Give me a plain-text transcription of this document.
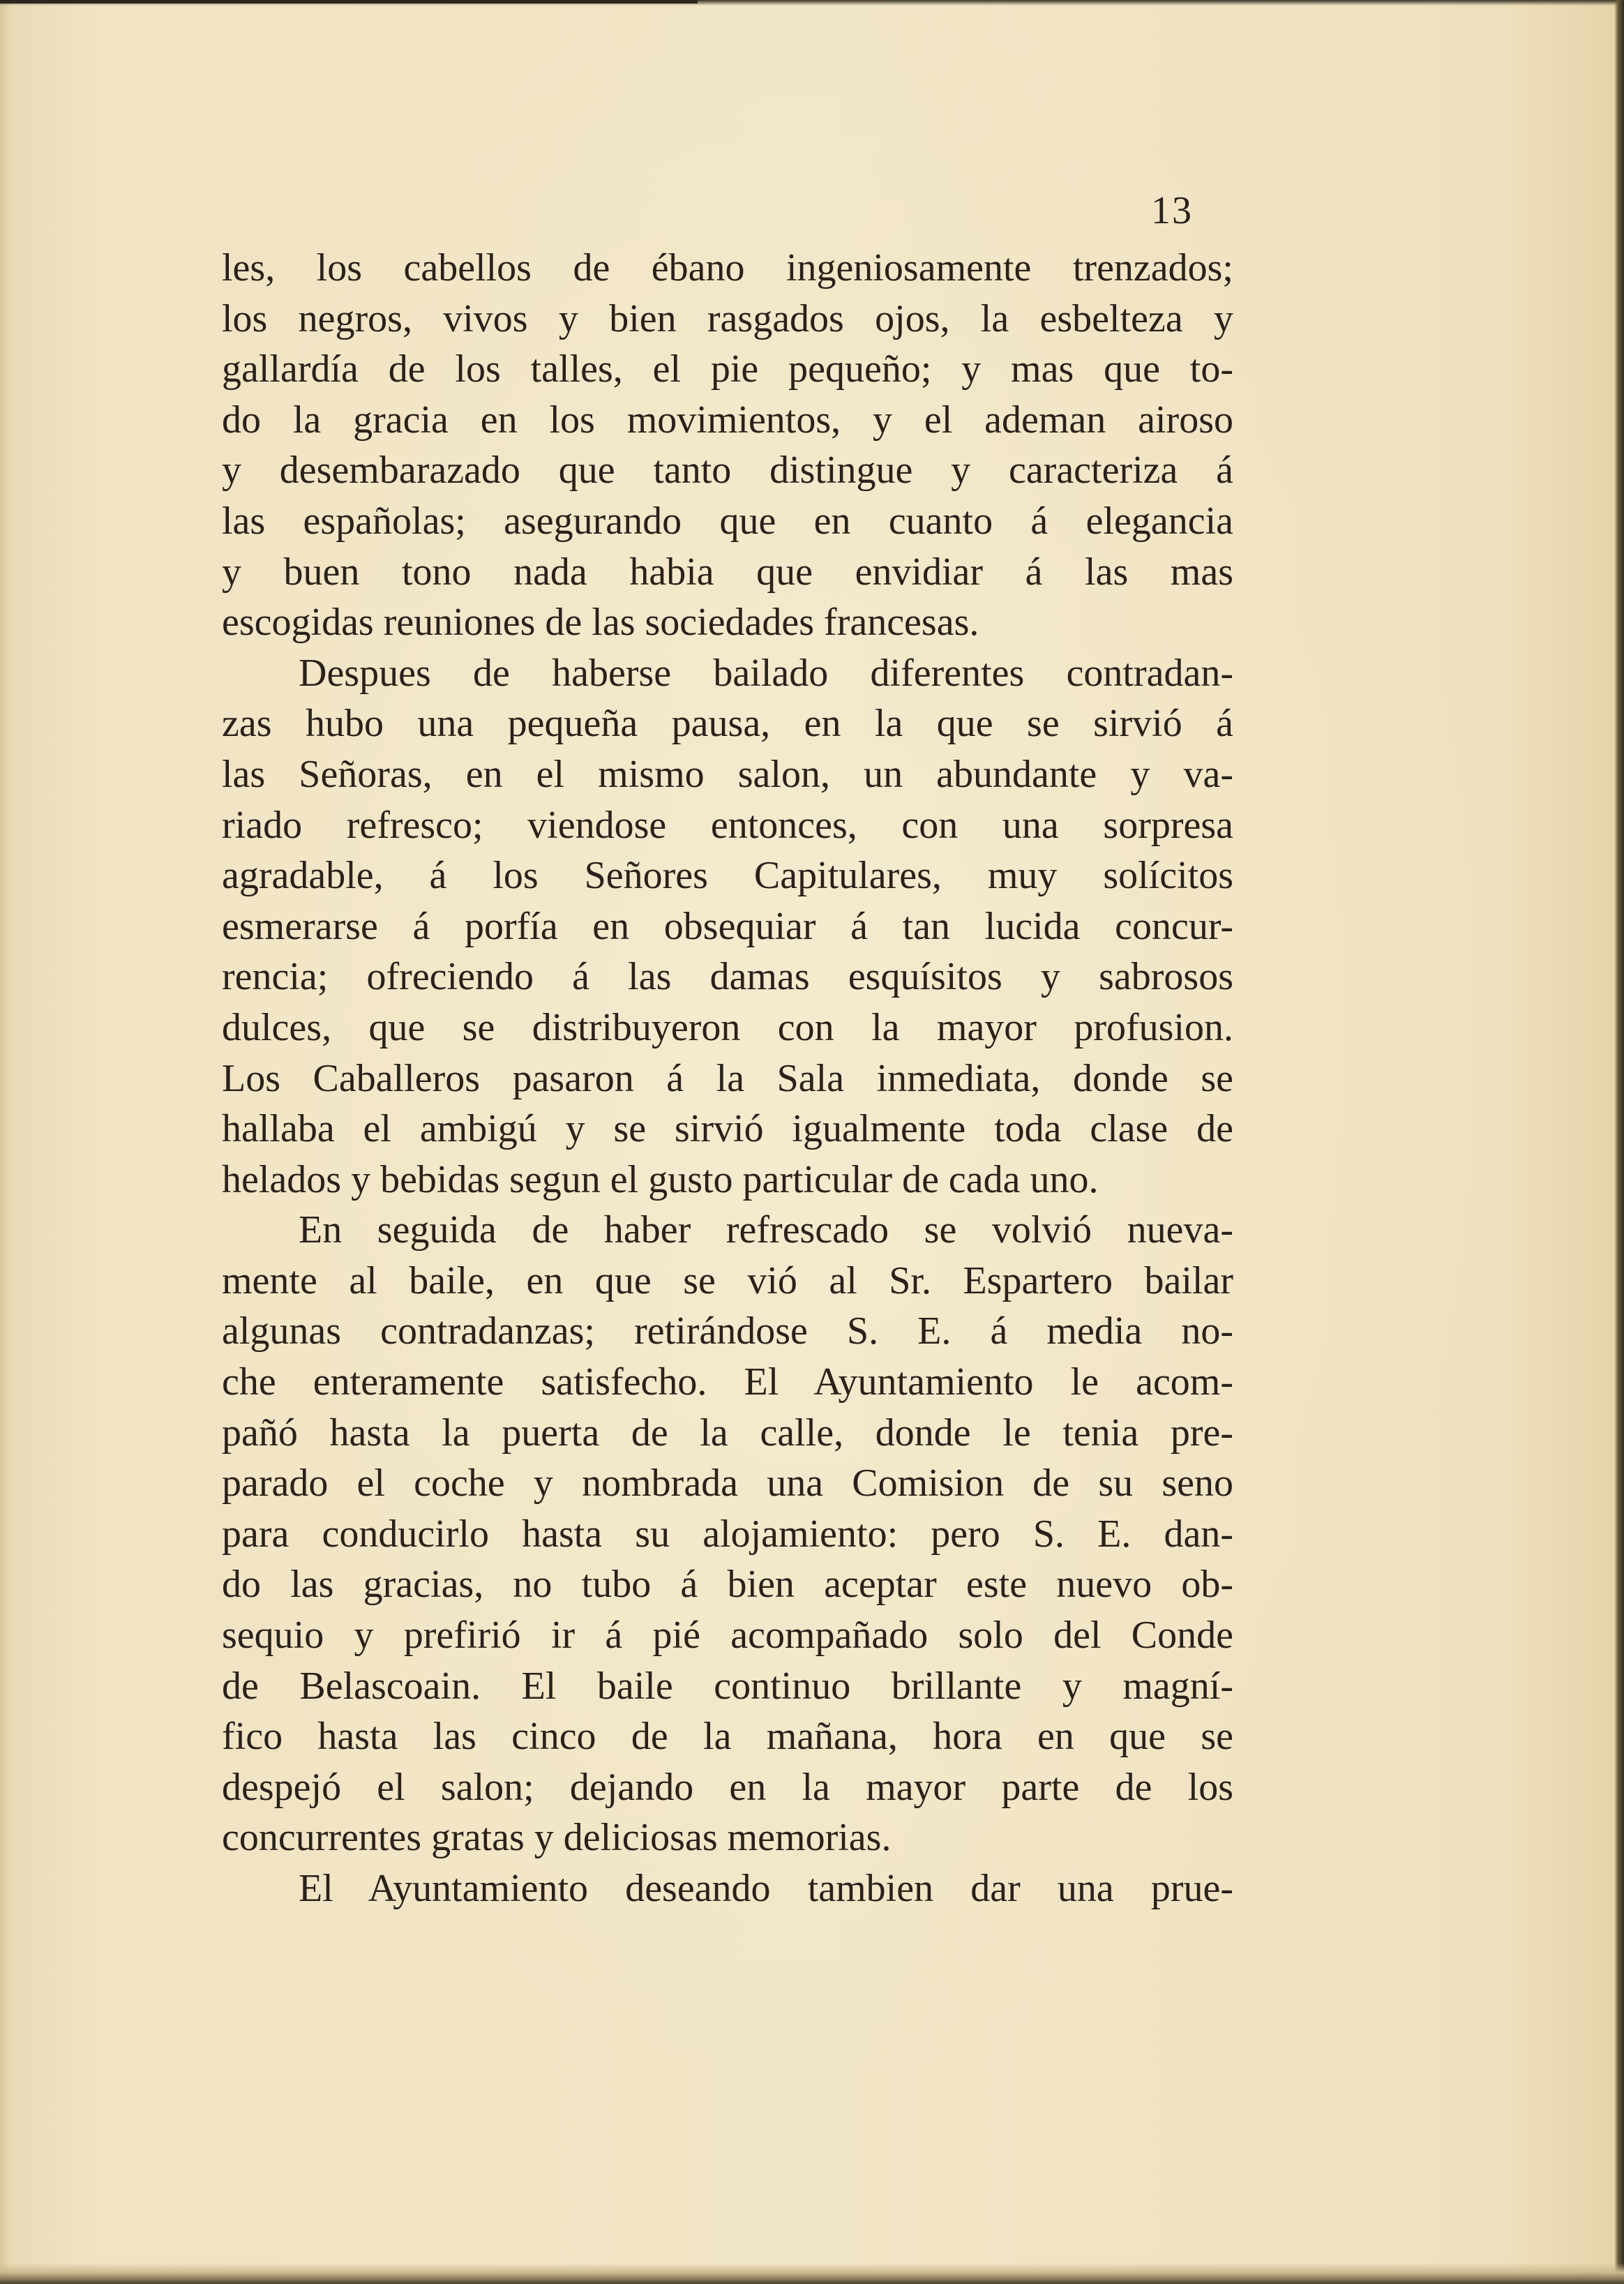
13
les, los cabellos de ébano ingeniosamente trenzados;
los negros, vivos y bien rasgados ojos, la esbelteza y
gallardía de los talles, el pie pequeño; y mas que to-
do la gracia en los movimientos, y el ademan airoso
y desembarazado que tanto distingue y caracteriza á
las españolas; asegurando que en cuanto á elegancia
y buen tono nada habia que envidiar á las mas
escogidas reuniones de las sociedades francesas.
Despues de haberse bailado diferentes contradan-
zas hubo una pequeña pausa, en la que se sirvió á
las Señoras, en el mismo salon, un abundante y va-
riado refresco; viendose entonces, con una sorpresa
agradable, á los Señores Capitulares, muy solícitos
esmerarse á porfía en obsequiar á tan lucida concur-
rencia; ofreciendo á las damas esquísitos y sabrosos
dulces, que se distribuyeron con la mayor profusion.
Los Caballeros pasaron á la Sala inmediata, donde se
hallaba el ambigú y se sirvió igualmente toda clase de
helados y bebidas segun el gusto particular de cada uno.
En seguida de haber refrescado se volvió nueva-
mente al baile, en que se vió al Sr. Espartero bailar
algunas contradanzas; retirándose S. E. á media no-
che enteramente satisfecho. El Ayuntamiento le acom-
pañó hasta la puerta de la calle, donde le tenia pre-
parado el coche y nombrada una Comision de su seno
para conducirlo hasta su alojamiento: pero S. E. dan-
do las gracias, no tubo á bien aceptar este nuevo ob-
sequio y prefirió ir á pié acompañado solo del Conde
de Belascoain. El baile continuo brillante y magní-
fico hasta las cinco de la mañana, hora en que se
despejó el salon; dejando en la mayor parte de los
concurrentes gratas y deliciosas memorias.
El Ayuntamiento deseando tambien dar una prue-
